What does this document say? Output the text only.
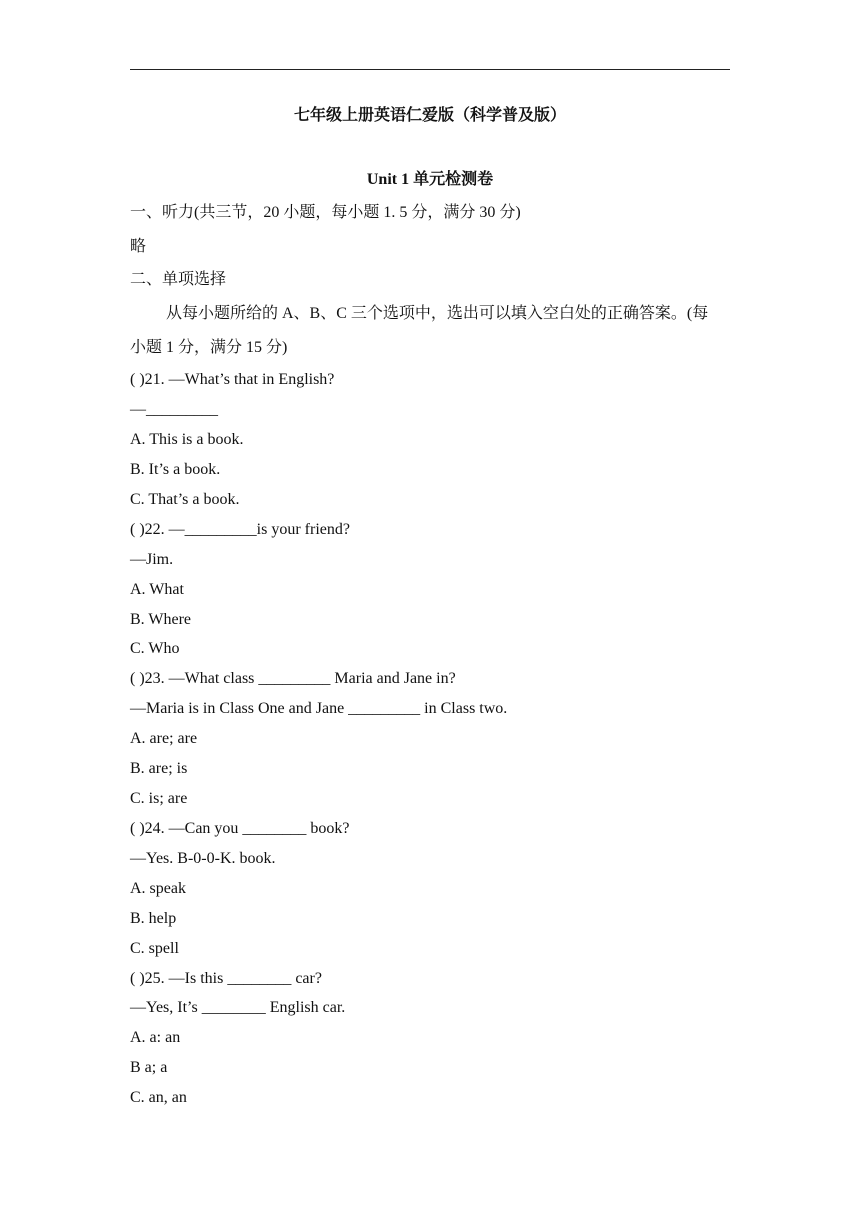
七年级上册英语仁爱版（科学普及版）
Unit 1 单元检测卷
一、听力(共三节，20 小题，每小题 1. 5 分，满分 30 分)
略
二、单项选择
从每小题所给的 A、B、C 三个选项中，选出可以填入空白处的正确答案。(每
小题 1 分，满分 15 分)
( )21. —What’s that in English?
—_________
A. This is a book.
B. It’s a book.
C. That’s a book.
( )22. —_________is your friend?
—Jim.
A. What
B. Where
C. Who
( )23. —What class _________ Maria and Jane in?
—Maria is in Class One and Jane _________ in Class two.
A. are; are
B. are; is
C. is; are
( )24. —Can you ________ book?
—Yes. B-0-0-K. book.
A. speak
B. help
C. spell
( )25. —Is this ________ car?
—Yes, It’s ________ English car.
A. a: an
B a; a
C. an, an
